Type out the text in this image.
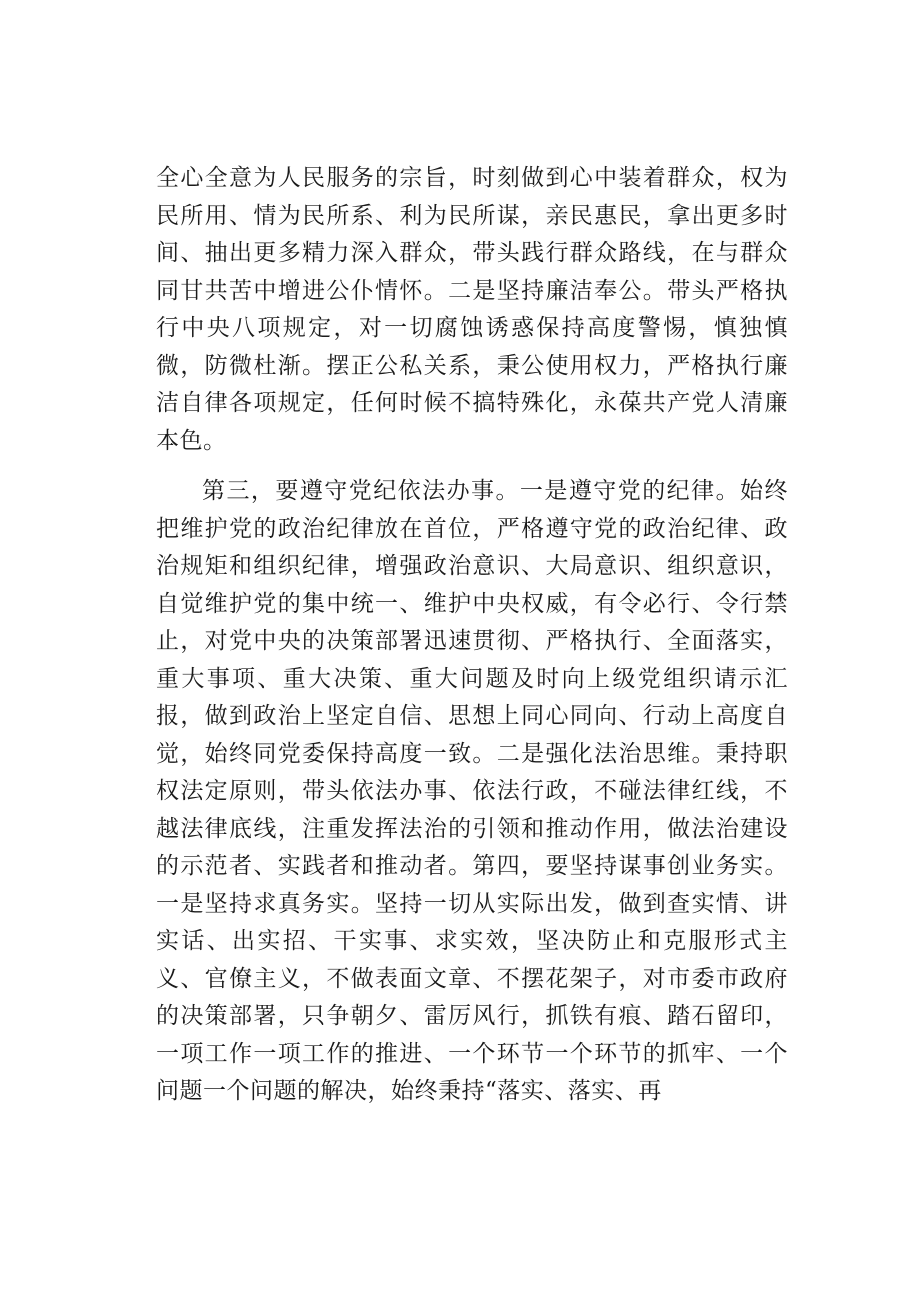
全心全意为人民服务的宗旨，时刻做到心中装着群众，权为民所用、情为民所系、利为民所谋，亲民惠民，拿出更多时间、抽出更多精力深入群众，带头践行群众路线，在与群众同甘共苦中增进公仆情怀。二是坚持廉洁奉公。带头严格执行中央八项规定，对一切腐蚀诱惑保持高度警惕，慎独慎微，防微杜渐。摆正公私关系，秉公使用权力，严格执行廉洁自律各项规定，任何时候不搞特殊化，永葆共产党人清廉本色。

第三，要遵守党纪依法办事。一是遵守党的纪律。始终把维护党的政治纪律放在首位，严格遵守党的政治纪律、政治规矩和组织纪律，增强政治意识、大局意识、组织意识，自觉维护党的集中统一、维护中央权威，有令必行、令行禁止，对党中央的决策部署迅速贯彻、严格执行、全面落实，重大事项、重大决策、重大问题及时向上级党组织请示汇报，做到政治上坚定自信、思想上同心同向、行动上高度自觉，始终同党委保持高度一致。二是强化法治思维。秉持职权法定原则，带头依法办事、依法行政，不碰法律红线，不越法律底线，注重发挥法治的引领和推动作用，做法治建设的示范者、实践者和推动者。第四，要坚持谋事创业务实。一是坚持求真务实。坚持一切从实际出发，做到查实情、讲实话、出实招、干实事、求实效，坚决防止和克服形式主义、官僚主义，不做表面文章、不摆花架子，对市委市政府的决策部署，只争朝夕、雷厉风行，抓铁有痕、踏石留印，一项工作一项工作的推进、一个环节一个环节的抓牢、一个问题一个问题的解决，始终秉持“落实、落实、再
